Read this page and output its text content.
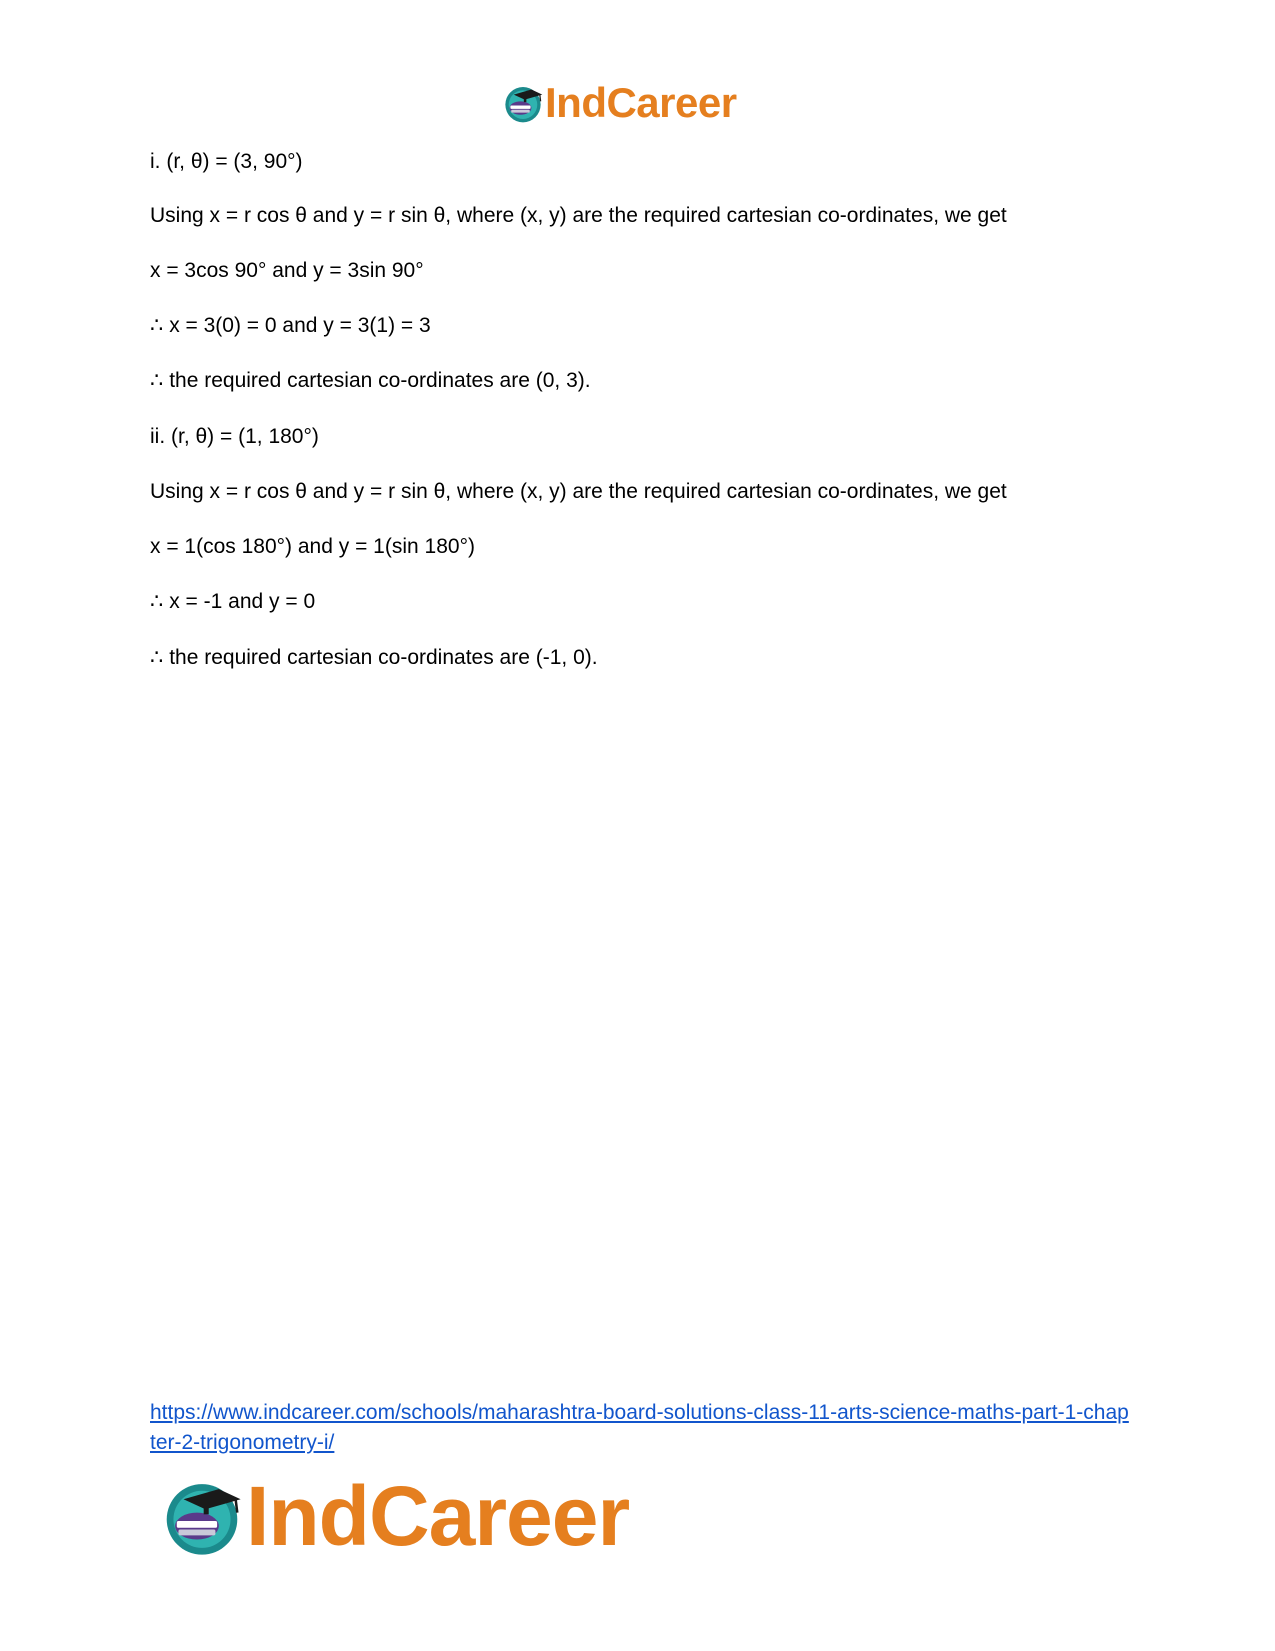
IndCareer
i. (r, θ) = (3, 90°)
Using x = r cos θ and y = r sin θ, where (x, y) are the required cartesian co-ordinates, we get
x = 3cos 90° and y = 3sin 90°
∴ x = 3(0) = 0 and y = 3(1) = 3
∴ the required cartesian co-ordinates are (0, 3).
ii. (r, θ) = (1, 180°)
Using x = r cos θ and y = r sin θ, where (x, y) are the required cartesian co-ordinates, we get
x = 1(cos 180°) and y = 1(sin 180°)
∴ x = -1 and y = 0
∴ the required cartesian co-ordinates are (-1, 0).
https://www.indcareer.com/schools/maharashtra-board-solutions-class-11-arts-science-maths-part-1-chapter-2-trigonometry-i/
IndCareer
